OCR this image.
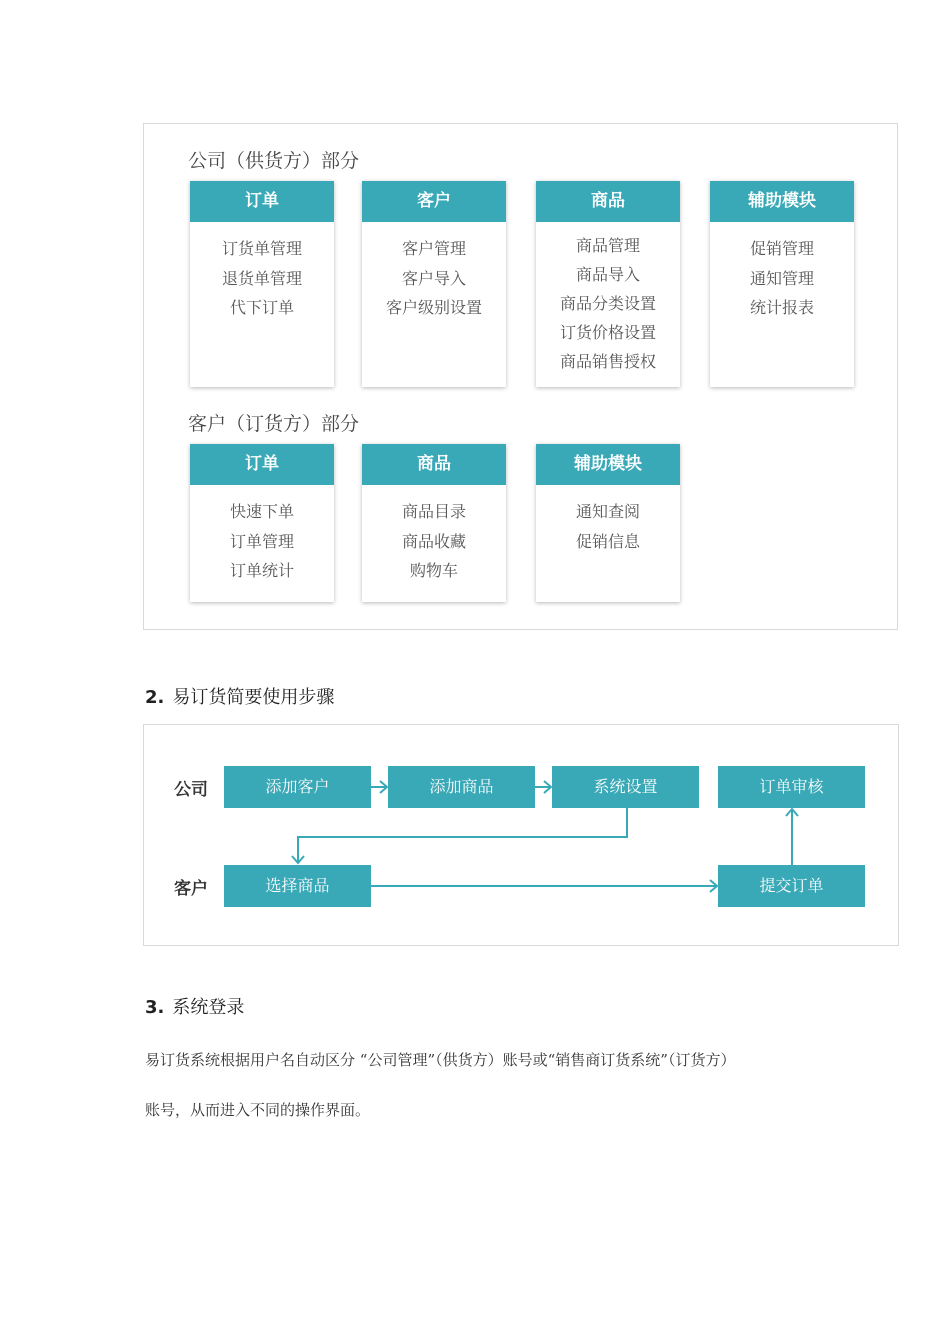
公司（供货方）部分
订单
订货单管理
退货单管理
代下订单
客户
客户管理
客户导入
客户级别设置
商品
商品管理
商品导入
商品分类设置
订货价格设置
商品销售授权
辅助模块
促销管理
通知管理
统计报表
客户（订货方）部分
订单
快速下单
订单管理
订单统计
商品
商品目录
商品收藏
购物车
辅助模块
通知查阅
促销信息
2. 易订货简要使用步骤
公司
客户
添加客户	添加商品	系统设置	订单审核
选择商品	提交订单
3. 系统登录
易订货系统根据用户名自动区分 “公司管理”（供货方）账号或“销售商订货系统”（订货方）
账号，从而进入不同的操作界面。
